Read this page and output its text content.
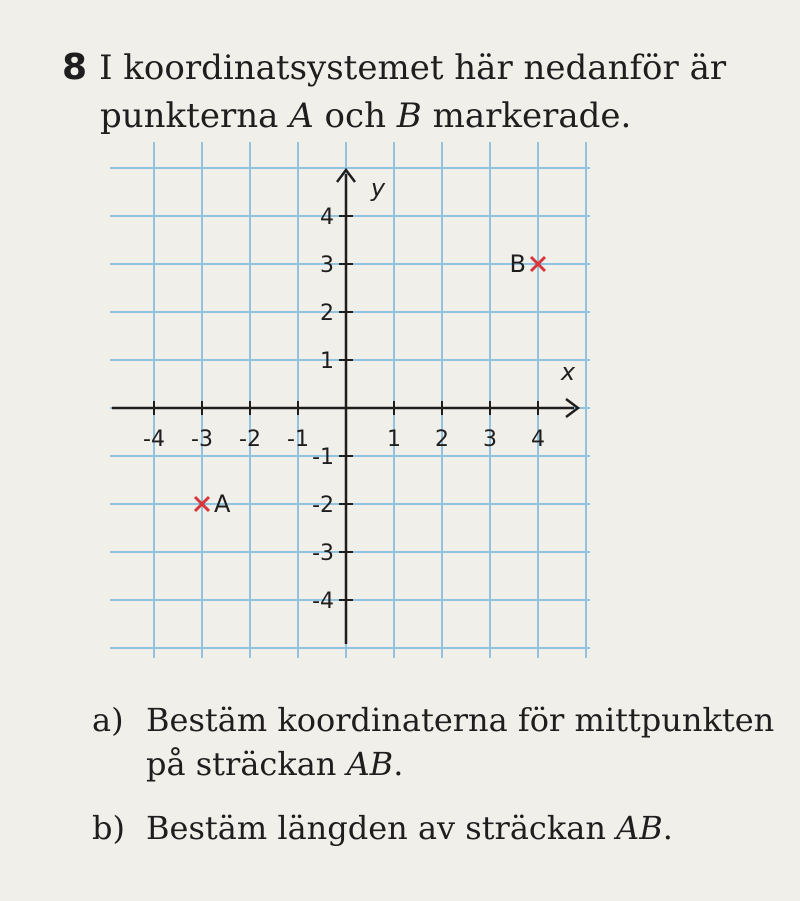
8 I koordinatsystemet här nedanför är
punkterna A och B markerade.
x
y
-4 -3 -2 -1	1 2 3 4
4
3
2
1
-1
-2
-3
-4
A
B
a) Bestäm koordinaterna för mittpunkten på sträckan AB.
b) Bestäm längden av sträckan AB.
